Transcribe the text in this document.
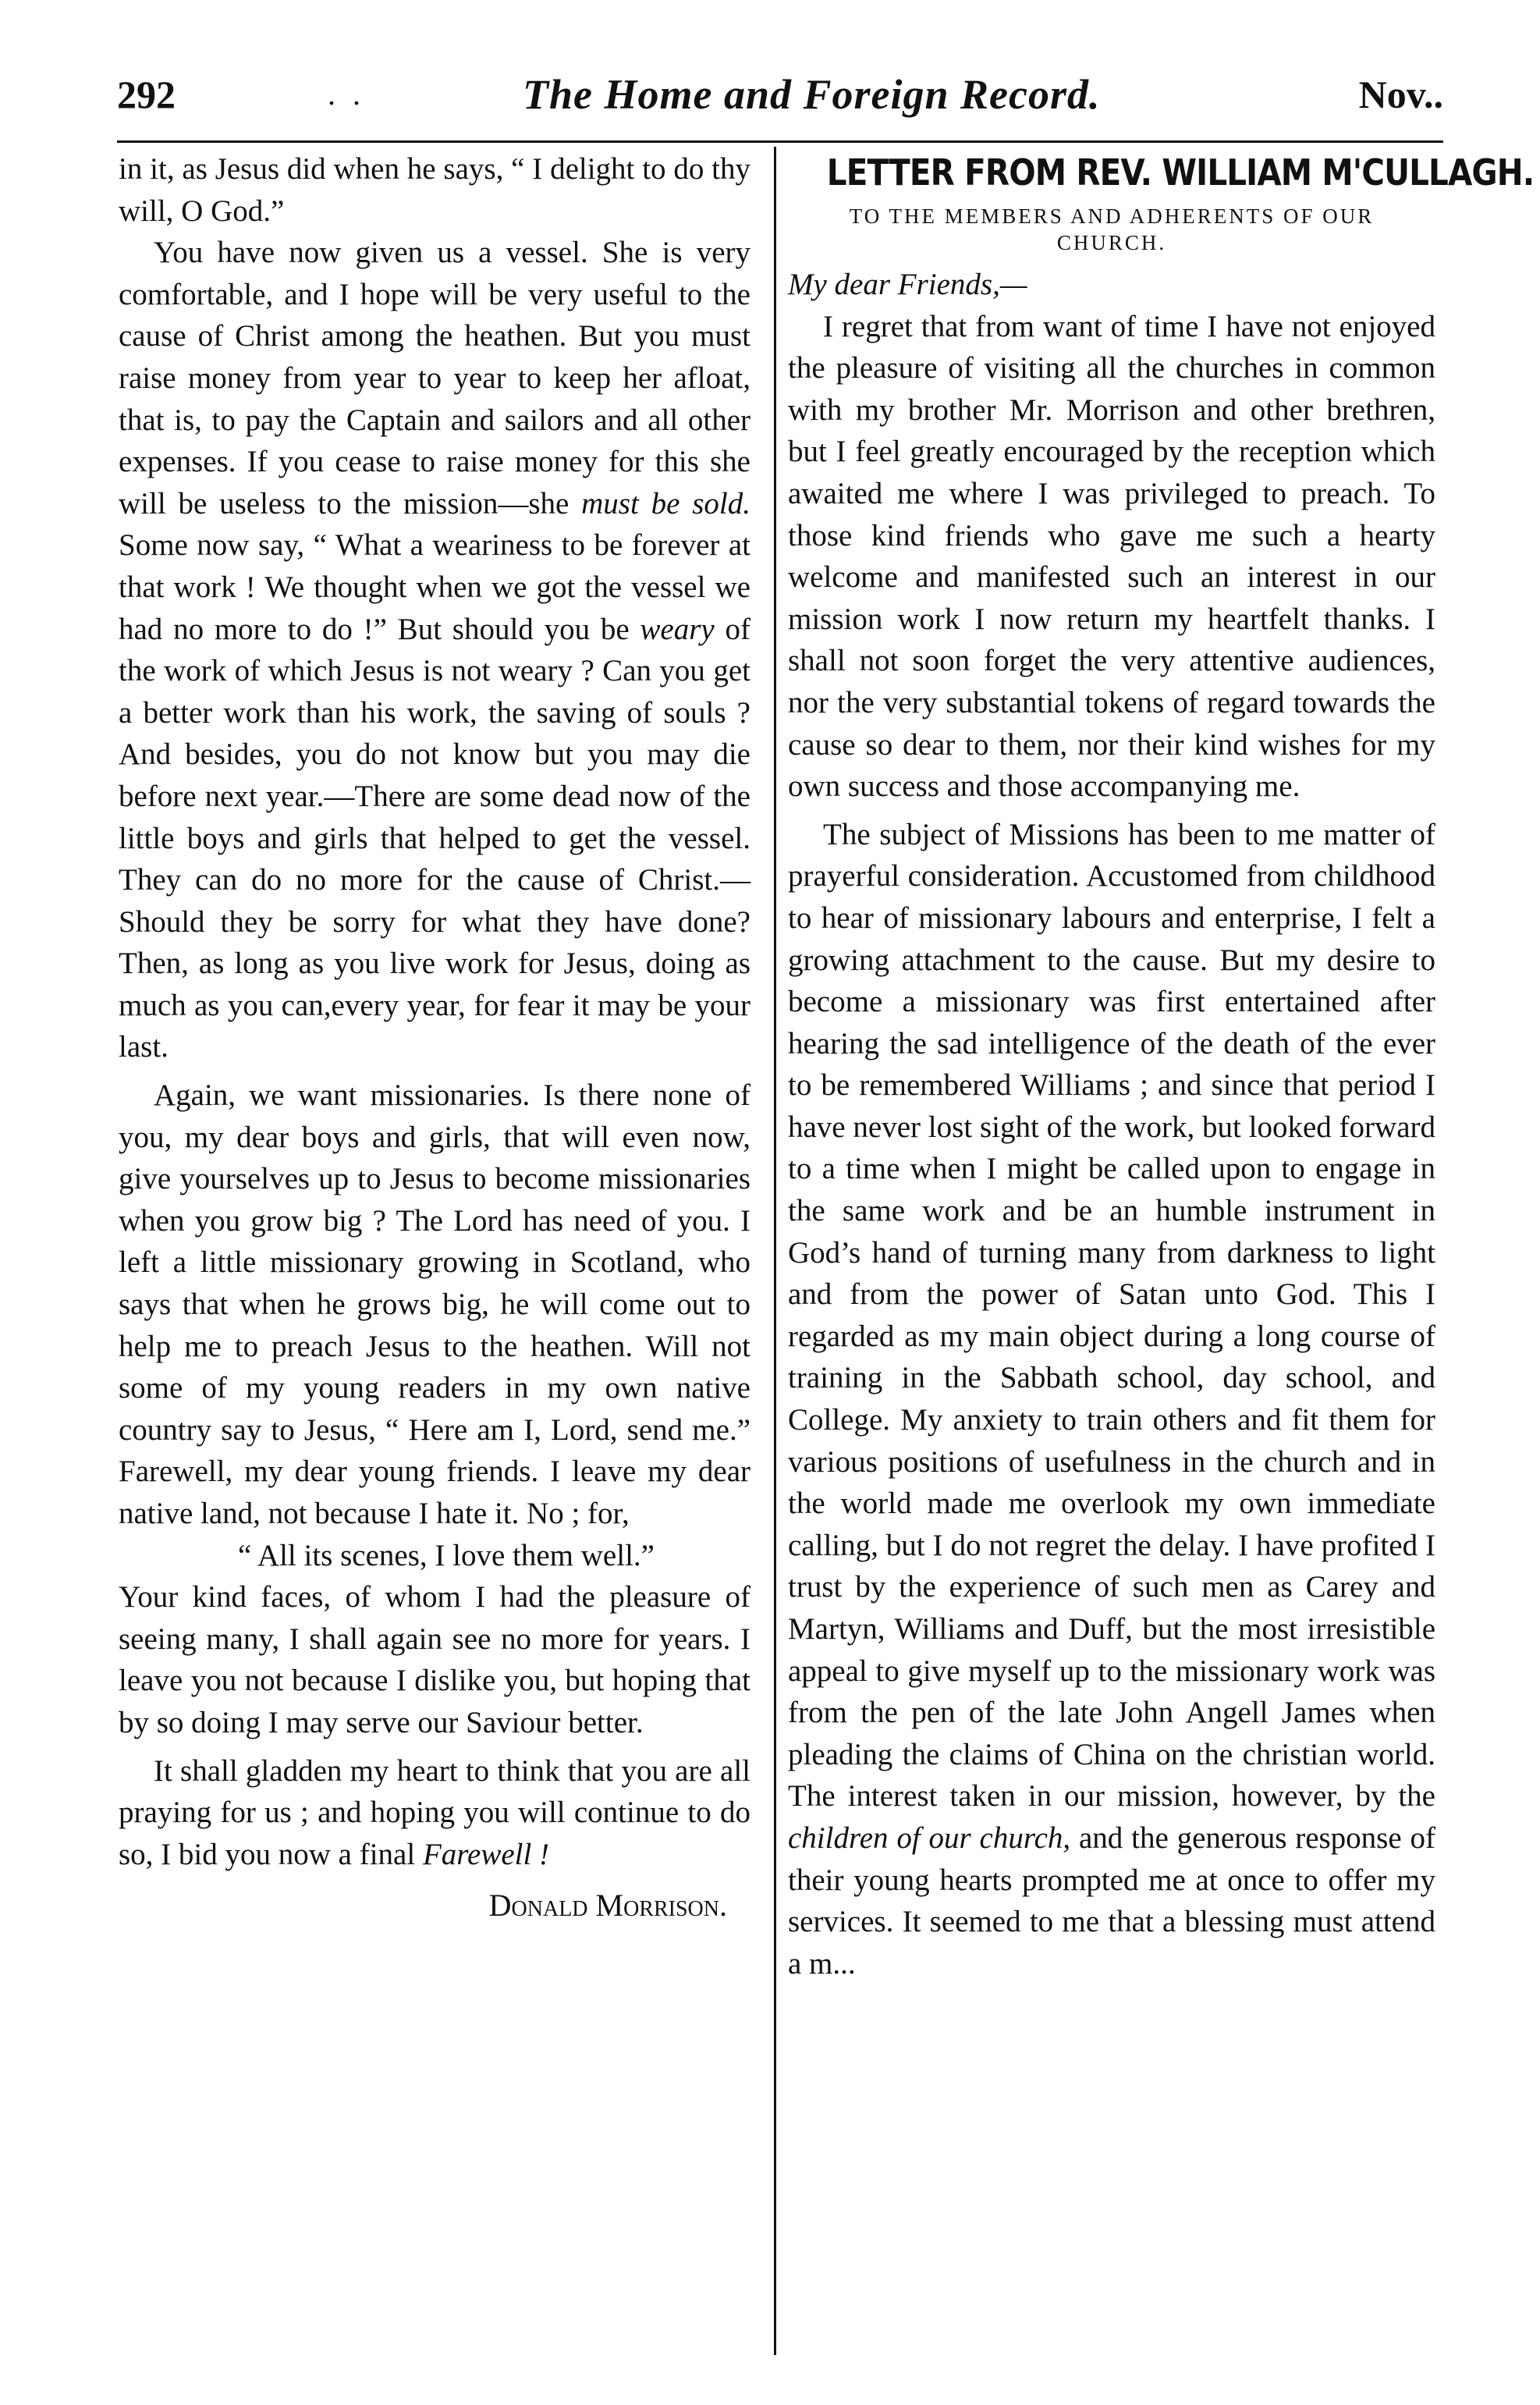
292	. .	The Home and Foreign Record.	Nov..

in it, as Jesus did when he says, “ I delight to do thy will, O God.”

You have now given us a vessel. She is very comfortable, and I hope will be very useful to the cause of Christ among the heathen. But you must raise money from year to year to keep her afloat, that is, to pay the Captain and sailors and all other expenses. If you cease to raise money for this she will be useless to the mission—she must be sold. Some now say, “ What a weariness to be forever at that work ! We thought when we got the vessel we had no more to do !” But should you be weary of the work of which Jesus is not weary ? Can you get a better work than his work, the saving of souls ? And besides, you do not know but you may die before next year.—There are some dead now of the little boys and girls that helped to get the vessel. They can do no more for the cause of Christ.—Should they be sorry for what they have done? Then, as long as you live work for Jesus, doing as much as you can,every year, for fear it may be your last.

Again, we want missionaries. Is there none of you, my dear boys and girls, that will even now, give yourselves up to Jesus to become missionaries when you grow big ? The Lord has need of you. I left a little missionary growing in Scotland, who says that when he grows big, he will come out to help me to preach Jesus to the heathen. Will not some of my young readers in my own native country say to Jesus, “ Here am I, Lord, send me.” Farewell, my dear young friends. I leave my dear native land, not because I hate it. No ; for,

“ All its scenes, I love them well.”

Your kind faces, of whom I had the pleasure of seeing many, I shall again see no more for years. I leave you not because I dislike you, but hoping that by so doing I may serve our Saviour better.

It shall gladden my heart to think that you are all praying for us ; and hoping you will continue to do so, I bid you now a final Farewell !

Donald Morrison.
LETTER FROM REV. WILLIAM M'CULLAGH.
TO THE MEMBERS AND ADHERENTS OF OUR CHURCH.

My dear Friends,—

I regret that from want of time I have not enjoyed the pleasure of visiting all the churches in common with my brother Mr. Morrison and other brethren, but I feel greatly encouraged by the reception which awaited me where I was privileged to preach. To those kind friends who gave me such a hearty welcome and manifested such an interest in our mission work I now return my heartfelt thanks. I shall not soon forget the very attentive audiences, nor the very substantial tokens of regard towards the cause so dear to them, nor their kind wishes for my own success and those accompanying me.

The subject of Missions has been to me matter of prayerful consideration. Accustomed from childhood to hear of missionary labours and enterprise, I felt a growing attachment to the cause. But my desire to become a missionary was first entertained after hearing the sad intelligence of the death of the ever to be remembered Williams ; and since that period I have never lost sight of the work, but looked forward to a time when I might be called upon to engage in the same work and be an humble instrument in God’s hand of turning many from darkness to light and from the power of Satan unto God. This I regarded as my main object during a long course of training in the Sabbath school, day school, and College. My anxiety to train others and fit them for various positions of usefulness in the church and in the world made me overlook my own immediate calling, but I do not regret the delay. I have profited I trust by the experience of such men as Carey and Martyn, Williams and Duff, but the most irresistible appeal to give myself up to the missionary work was from the pen of the late John Angell James when pleading the claims of China on the christian world. The interest taken in our mission, however, by the children of our church, and the generous response of their young hearts prompted me at once to offer my services. It seemed to me that a blessing must attend a m...
